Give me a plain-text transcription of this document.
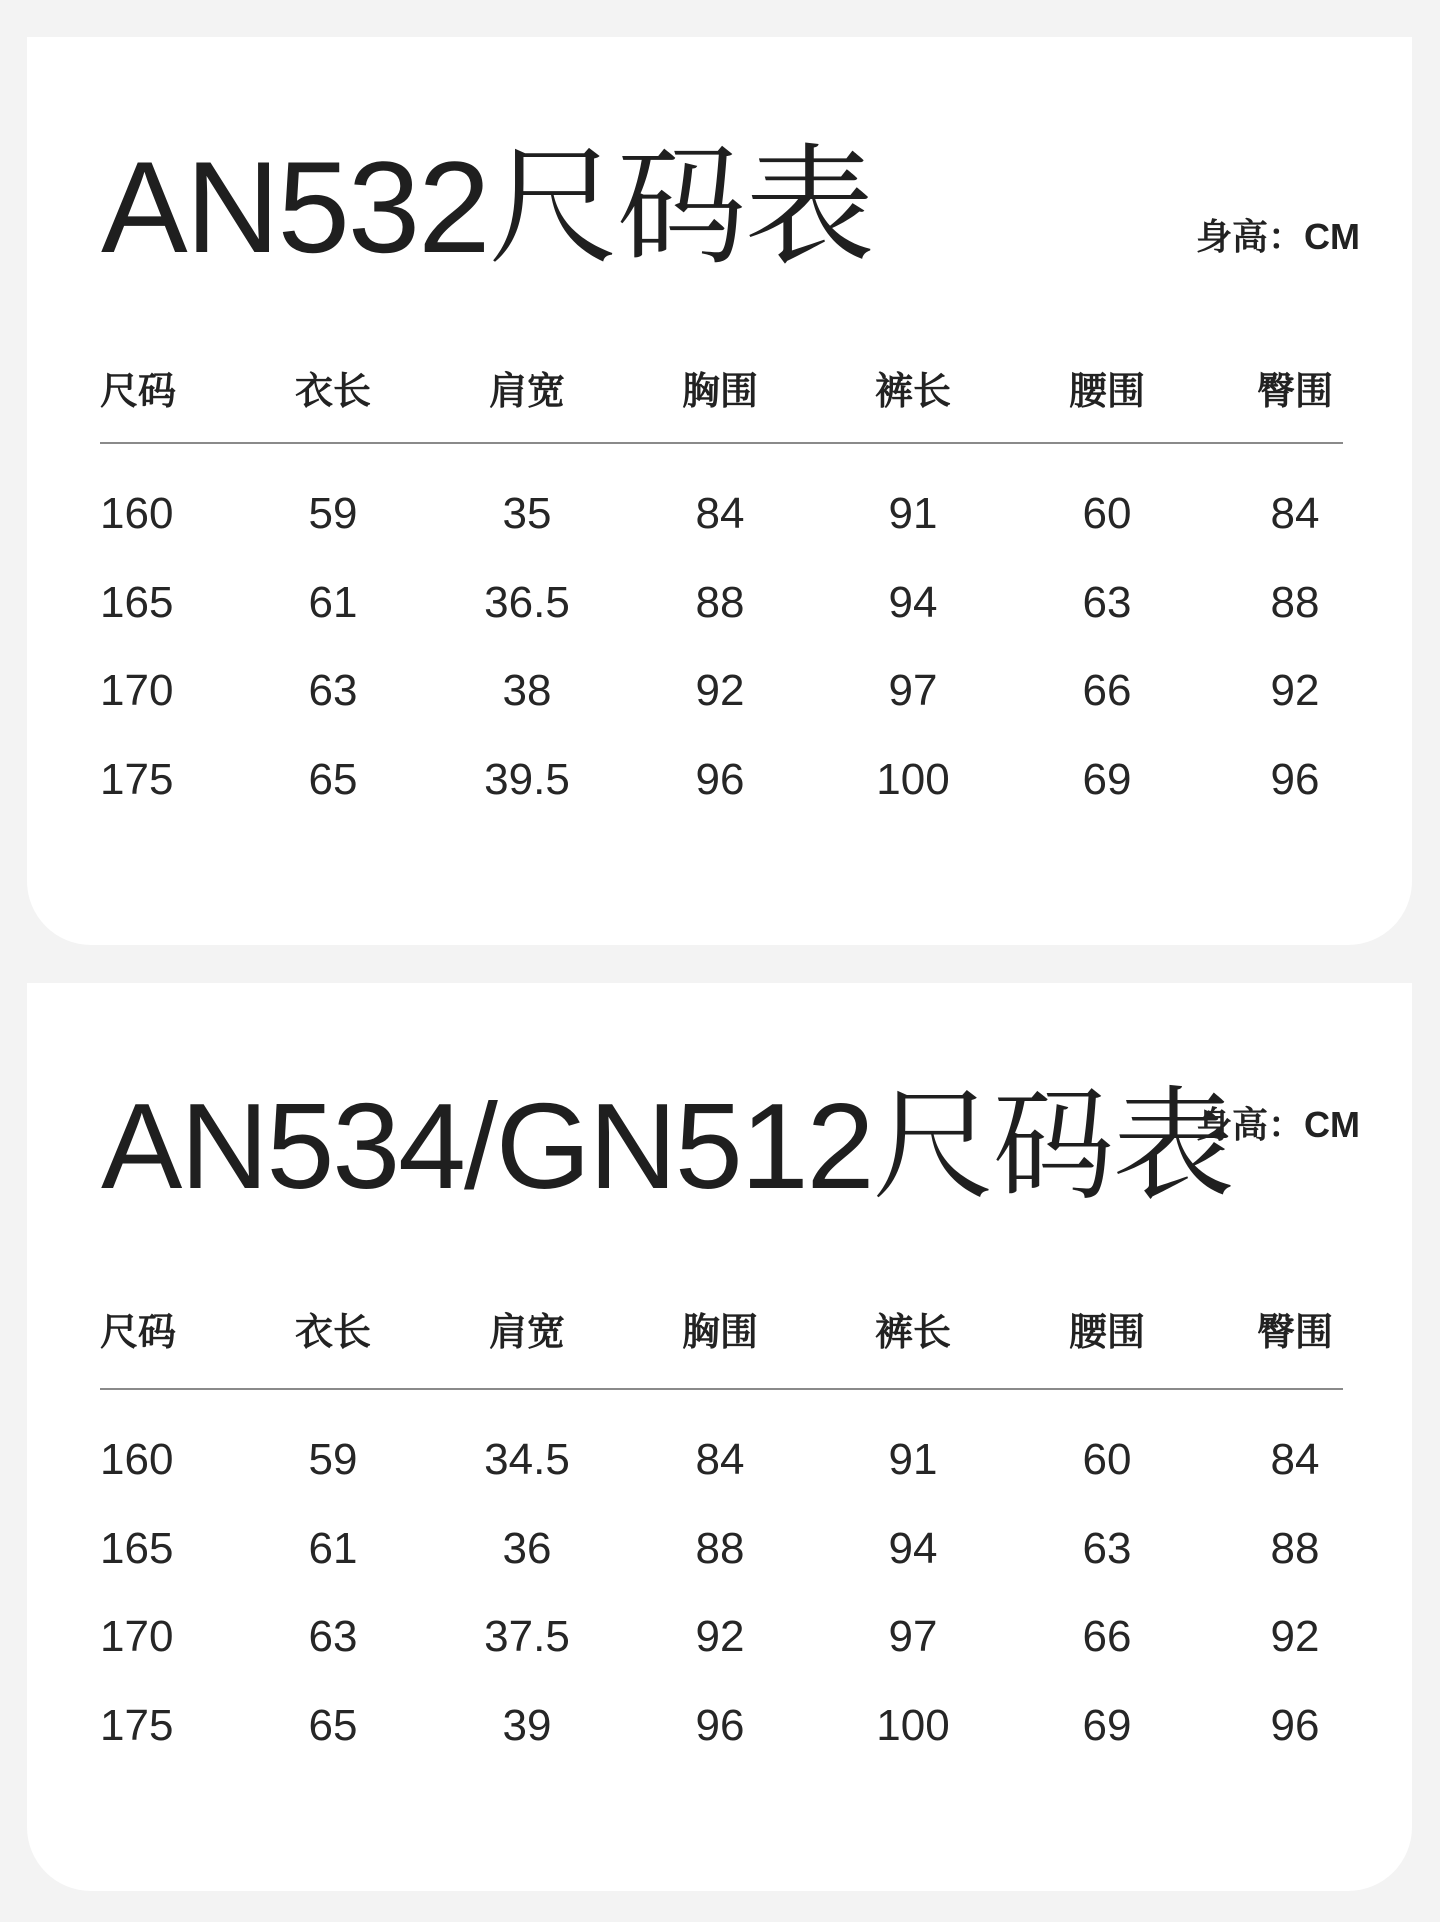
AN532尺码表	身高：CM
尺码	衣长	肩宽	胸围	裤长	腰围	臀围
160	59	35	84	91	60	84
165	61	36.5	88	94	63	88
170	63	38	92	97	66	92
175	65	39.5	96	100	69	96
AN534/GN512尺码表
身高：CM
尺码	衣长	肩宽	胸围	裤长	腰围	臀围
160	59	34.5	84	91	60	84
165	61	36	88	94	63	88
170	63	37.5	92	97	66	92
175	65	39	96	100	69	96
